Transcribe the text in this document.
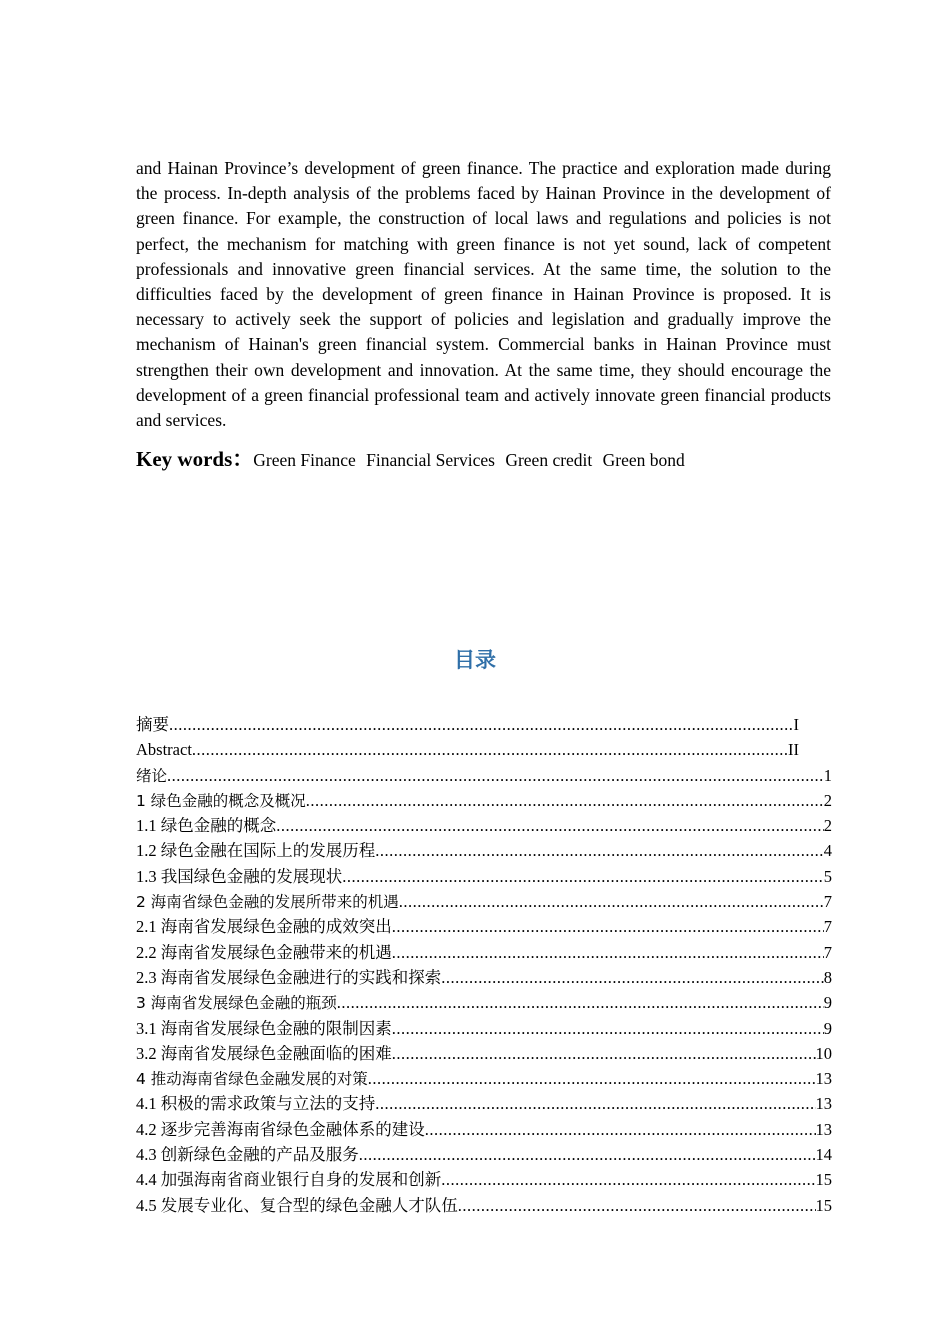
and Hainan Province’s development of green finance. The practice and exploration made during the process. In-depth analysis of the problems faced by Hainan Province in the development of green finance. For example, the construction of local laws and regulations and policies is not perfect, the mechanism for matching with green finance is not yet sound, lack of competent professionals and innovative green financial services. At the same time, the solution to the difficulties faced by the development of green finance in Hainan Province is proposed. It is necessary to actively seek the support of policies and legislation and gradually improve the mechanism of Hainan's green financial system. Commercial banks in Hainan Province must strengthen their own development and innovation. At the same time, they should encourage the development of a green financial professional team and actively innovate green financial products and services.

Key words：Green Finance Financial Services Green credit Green bond
目录
摘要 .....	I
Abstract .....	II
绪论 .....	1
1 绿色金融的概念及概况 .....	2
1.1 绿色金融的概念 .....	2
1.2 绿色金融在国际上的发展历程 .....	4
1.3 我国绿色金融的发展现状 .....	5
2 海南省绿色金融的发展所带来的机遇 .....	7
2.1 海南省发展绿色金融的成效突出 .....	7
2.2 海南省发展绿色金融带来的机遇 .....	7
2.3 海南省发展绿色金融进行的实践和探索 .....	8
3 海南省发展绿色金融的瓶颈 .....	9
3.1 海南省发展绿色金融的限制因素 .....	9
3.2 海南省发展绿色金融面临的困难 .....	10
4 推动海南省绿色金融发展的对策 .....	13
4.1 积极的需求政策与立法的支持 .....	13
4.2 逐步完善海南省绿色金融体系的建设 .....	13
4.3 创新绿色金融的产品及服务 .....	14
4.4 加强海南省商业银行自身的发展和创新 .....	15
4.5 发展专业化、复合型的绿色金融人才队伍 .....	15
